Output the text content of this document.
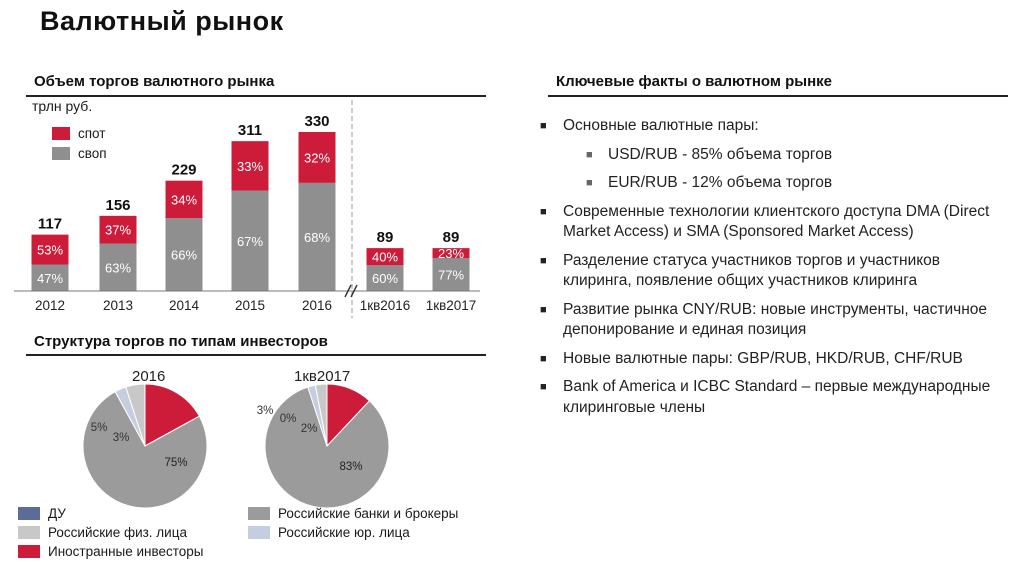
Валютный рынок
Объем торгов валютного рынка	Ключевые факты о валютном рынке
Структура торгов по типам инвесторов
трлн руб.
спот
своп
47%
53%
117
2012
63%
37%
156
2013
66%
34%
229
2014
67%
33%
311
2015
68%
32%
330
2016
60%
40%
89
1кв2016
77%
23%
89
1кв2017
75%
3%
5%
83%
2%
0%
3%
2016	1кв2017
ДУ
Российские физ. лица
Иностранные инвесторы
Российские банки и брокеры
Российские юр. лица
■ Основные валютные пары:
■ USD/RUB - 85% объема торгов
■ EUR/RUB - 12% объема торгов
■ Современные технологии клиентского доступа DMA (Direct Market Access) и SMA (Sponsored Market Access)
■ Разделение статуса участников торгов и участников клиринга, появление общих участников клиринга
■ Развитие рынка CNY/RUB: новые инструменты, частичное депонирование и единая позиция
■ Новые валютные пары: GBP/RUB, HKD/RUB, CHF/RUB
■ Bank of America и ICBC Standard – первые международные клиринговые члены
